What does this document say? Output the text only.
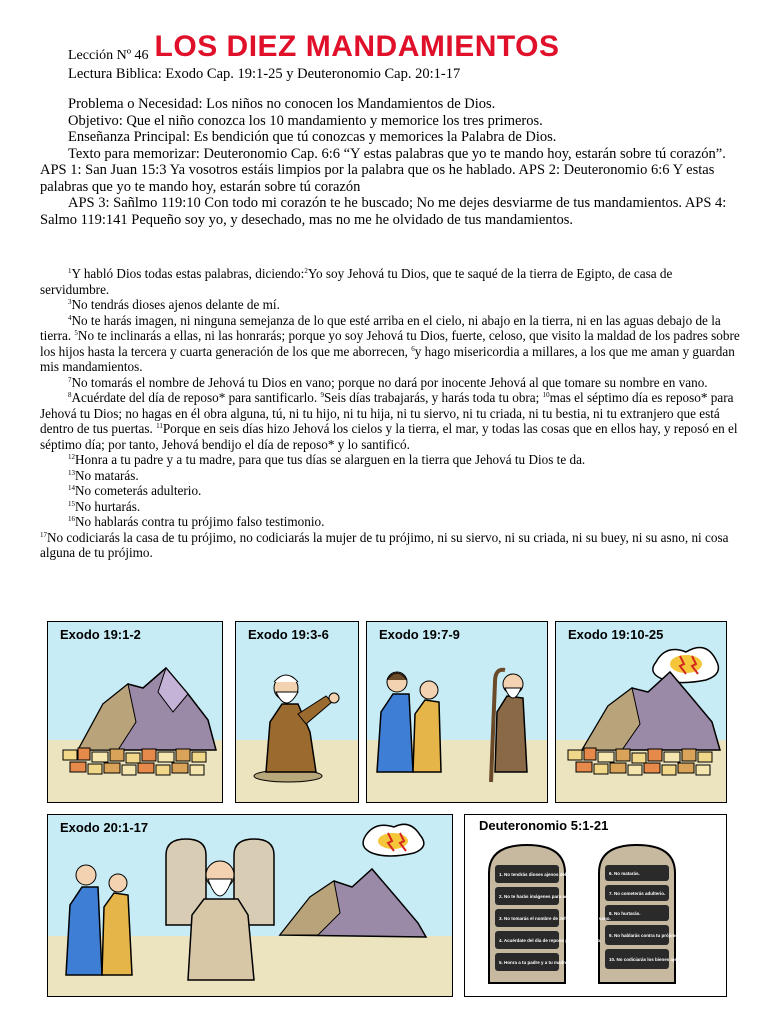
Lección Nº 46 LOS DIEZ MANDAMIENTOS
Lectura Biblica: Exodo Cap. 19:1-25 y Deuteronomio Cap. 20:1-17

Problema o Necesidad: Los niños no conocen los Mandamientos de Dios.

Objetivo: Que el niño conozca los 10 mandamiento y memorice los tres primeros.

Enseñanza Principal: Es bendición que tú conozcas y memorices la Palabra de Dios.

Texto para memorizar: Deuteronomio Cap. 6:6 “Y estas palabras que yo te mando hoy, estarán sobre tú corazón”. APS 1: San Juan 15:3 Ya vosotros estáis limpios por la palabra que os he hablado. APS 2: Deuteronomio 6:6 Y estas palabras que yo te mando hoy, estarán sobre tú corazón

APS 3: Sañlmo 119:10 Con todo mi corazón te he buscado; No me dejes desviarme de tus mandamientos. APS 4: Salmo 119:141 Pequeño soy yo, y desechado, mas no me he olvidado de tus mandamientos.

$^1$Y habló Dios todas estas palabras, diciendo:$^2$Yo soy Jehová tu Dios, que te saqué de la tierra de Egipto, de casa de servidumbre.

$^3$No tendrás dioses ajenos delante de mí.

$^4$No te harás imagen, ni ninguna semejanza de lo que esté arriba en el cielo, ni abajo en la tierra, ni en las aguas debajo de la tierra. $^5$No te inclinarás a ellas, ni las honrarás; porque yo soy Jehová tu Dios, fuerte, celoso, que visito la maldad de los padres sobre los hijos hasta la tercera y cuarta generación de los que me aborrecen, $^6$y hago misericordia a millares, a los que me aman y guardan mis mandamientos.

$^7$No tomarás el nombre de Jehová tu Dios en vano; porque no dará por inocente Jehová al que tomare su nombre en vano.

$^8$Acuérdate del día de reposo* para santificarlo. $^9$Seis días trabajarás, y harás toda tu obra; $^{10}$mas el séptimo día es reposo* para Jehová tu Dios; no hagas en él obra alguna, tú, ni tu hijo, ni tu hija, ni tu siervo, ni tu criada, ni tu bestia, ni tu extranjero que está dentro de tus puertas. $^{11}$Porque en seis días hizo Jehová los cielos y la tierra, el mar, y todas las cosas que en ellos hay, y reposó en el séptimo día; por tanto, Jehová bendijo el día de reposo* y lo santificó.

$^{12}$Honra a tu padre y a tu madre, para que tus días se alarguen en la tierra que Jehová tu Dios te da.

$^{13}$No matarás.

$^{14}$No cometerás adulterio.

$^{15}$No hurtarás.

$^{16}$No hablarás contra tu prójimo falso testimonio.

$^{17}$No codiciarás la casa de tu prójimo, no codiciarás la mujer de tu prójimo, ni su siervo, ni su criada, ni su buey, ni su asno, ni cosa alguna de tu prójimo.

Exodo 19:1-2	Exodo 19:3-6	Exodo 19:7-9	Exodo 19:10-25
Exodo 20:1-17	Deuteronomio 5:1-21
1. No tendrás dioses ajenos delante de mí.
2. No te harás imágenes para adorar.
3. No tomarás el nombre de Jehová tu Dios en vano.
4. Acuérdate del día de reposo para santificarlo.
5. Honra a tu padre y a tu madre.
6. No matarás.
7. No cometerás adulterio.
8. No hurtarás.
9. No hablarás contra tu prójimo falso testimonio.
10. No codiciarás los bienes ajenos.
